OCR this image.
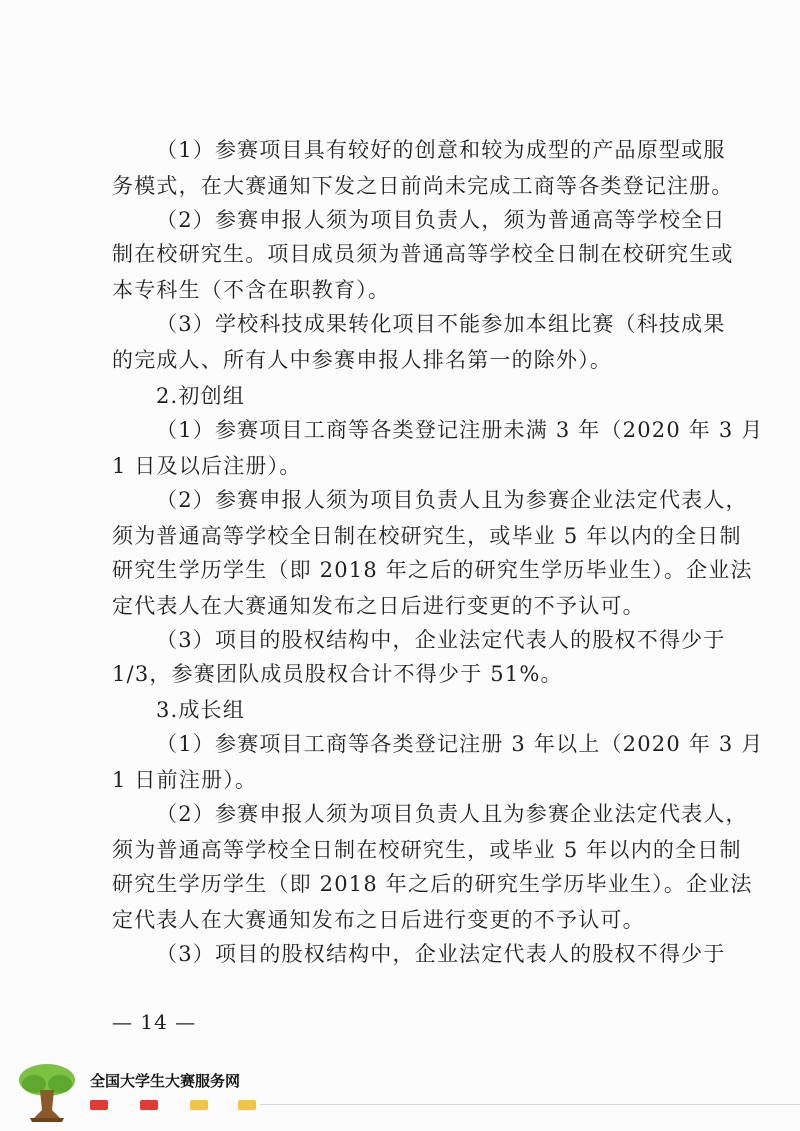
（1）参赛项目具有较好的创意和较为成型的产品原型或服
务模式，在大赛通知下发之日前尚未完成工商等各类登记注册。
（2）参赛申报人须为项目负责人，须为普通高等学校全日
制在校研究生。项目成员须为普通高等学校全日制在校研究生或
本专科生（不含在职教育）。
（3）学校科技成果转化项目不能参加本组比赛（科技成果
的完成人、所有人中参赛申报人排名第一的除外）。
2.初创组
（1）参赛项目工商等各类登记注册未满 3 年（2020 年 3 月
1 日及以后注册）。
（2）参赛申报人须为项目负责人且为参赛企业法定代表人，
须为普通高等学校全日制在校研究生，或毕业 5 年以内的全日制
研究生学历学生（即 2018 年之后的研究生学历毕业生）。企业法
定代表人在大赛通知发布之日后进行变更的不予认可。
（3）项目的股权结构中，企业法定代表人的股权不得少于
1/3，参赛团队成员股权合计不得少于 51%。
3.成长组
（1）参赛项目工商等各类登记注册 3 年以上（2020 年 3 月
1 日前注册）。
（2）参赛申报人须为项目负责人且为参赛企业法定代表人，
须为普通高等学校全日制在校研究生，或毕业 5 年以内的全日制
研究生学历学生（即 2018 年之后的研究生学历毕业生）。企业法
定代表人在大赛通知发布之日后进行变更的不予认可。
（3）项目的股权结构中，企业法定代表人的股权不得少于
— 14 —
全国大学生大赛服务网
